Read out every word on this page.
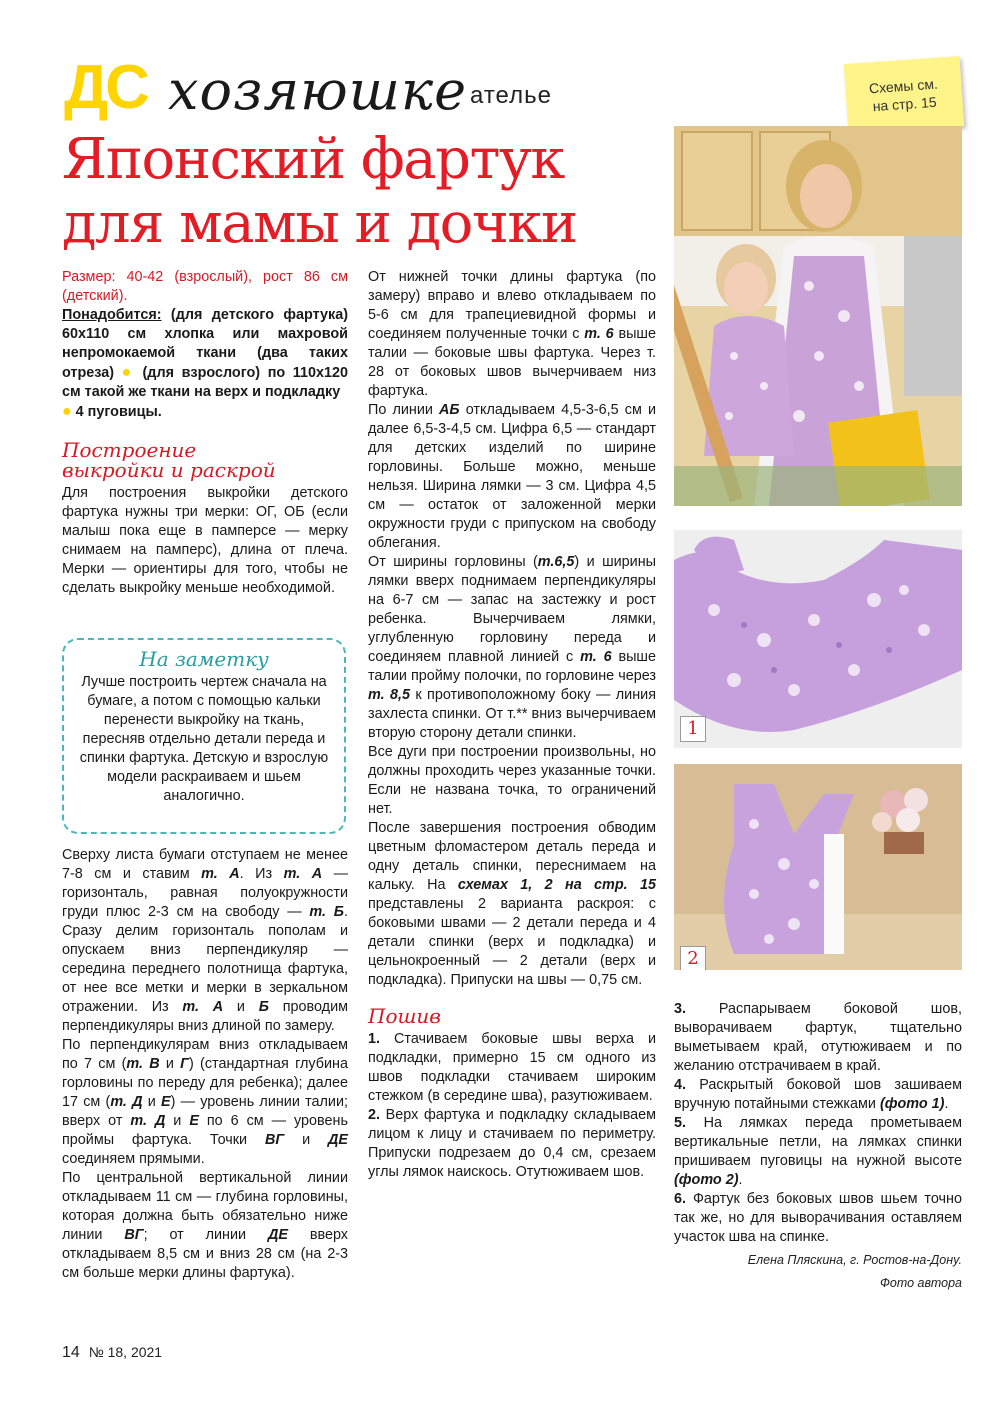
ДС хозяюшке ателье	Схемы см.
на стр. 15
Японский фартук
для мамы и дочки

Размер: 40-42 (взрослый), рост 86 см (детский).

Понадобится: (для детского фартука) 60х110 см хлопка или махровой непромокаемой ткани (два таких отреза) ● (для взрослого) по 110х120 см такой же ткани на верх и подкладку
● 4 пуговицы.

Построение выкройки и раскрой

Для построения выкройки детского фартука нужны три мерки: ОГ, ОБ (если малыш пока еще в памперсе — мерку снимаем на памперс), длина от плеча. Мерки — ориентиры для того, чтобы не сделать выкройку меньше необходимой.

На заметку
Лучше построить чертеж сначала на бумаге, а потом с помощью кальки перенести выкройку на ткань, пересняв отдельно детали переда и спинки фартука. Детскую и взрослую модели раскраиваем и шьем аналогично.

Сверху листа бумаги отступаем не менее 7-8 см и ставим т. А. Из т. А — горизонталь, равная полуокружности груди плюс 2-3 см на свободу — т. Б. Сразу делим горизонталь пополам и опускаем вниз перпендикуляр — середина переднего полотнища фартука, от нее все метки и мерки в зеркальном отражении. Из т. А и Б проводим перпендикуляры вниз длиной по замеру.

По перпендикулярам вниз откладываем по 7 см (т. В и Г) (стандартная глубина горловины по переду для ребенка); далее 17 см (т. Д и Е) — уровень линии талии; вверх от т. Д и Е по 6 см — уровень проймы фартука. Точки ВГ и ДЕ соединяем прямыми.

По центральной вертикальной линии откладываем 11 см — глубина горловины, которая должна быть обязательно ниже линии ВГ; от линии ДЕ вверх откладываем 8,5 см и вниз 28 см (на 2-3 см больше мерки длины фартука).

От нижней точки длины фартука (по замеру) вправо и влево откладываем по 5-6 см для трапециевидной формы и соединяем полученные точки с т. 6 выше талии — боковые швы фартука. Через т. 28 от боковых швов вычерчиваем низ фартука.

По линии АБ откладываем 4,5-3-6,5 см и далее 6,5-3-4,5 см. Цифра 6,5 — стандарт для детских изделий по ширине горловины. Больше можно, меньше нельзя. Ширина лямки — 3 см. Цифра 4,5 см — остаток от заложенной мерки окружности груди с припуском на свободу облегания.

От ширины горловины (т.6,5) и ширины лямки вверх поднимаем перпендикуляры на 6-7 см — запас на застежку и рост ребенка. Вычерчиваем лямки, углубленную горловину переда и соединяем плавной линией с т. 6 выше талии пройму полочки, по горловине через т. 8,5 к противоположному боку — линия захлеста спинки. От т.** вниз вычерчиваем вторую сторону детали спинки.

Все дуги при построении произвольны, но должны проходить через указанные точки. Если не названа точка, то ограничений нет.

После завершения построения обводим цветным фломастером деталь переда и одну деталь спинки, переснимаем на кальку. На схемах 1, 2 на стр. 15 представлены 2 варианта раскроя: с боковыми швами — 2 детали переда и 4 детали спинки (верх и подкладка) и цельнокроенный — 2 детали (верх и подкладка). Припуски на швы — 0,75 см.

Пошив

1. Стачиваем боковые швы верха и подкладки, примерно 15 см одного из швов подкладки стачиваем широким стежком (в середине шва), разутюживаем.

2. Верх фартука и подкладку складываем лицом к лицу и стачиваем по периметру. Припуски подрезаем до 0,4 см, срезаем углы лямок наискось. Отутюживаем шов.

1
2

3. Распарываем боковой шов, выворачиваем фартук, тщательно выметываем край, отутюживаем и по желанию отстрачиваем в край.

4. Раскрытый боковой шов зашиваем вручную потайными стежками (фото 1).

5. На лямках переда прометываем вертикальные петли, на лямках спинки пришиваем пуговицы на нужной высоте (фото 2).

6. Фартук без боковых швов шьем точно так же, но для выворачивания оставляем участок шва на спинке.

Елена Пляскина, г. Ростов-на-Дону.
Фото автора
14 № 18, 2021
